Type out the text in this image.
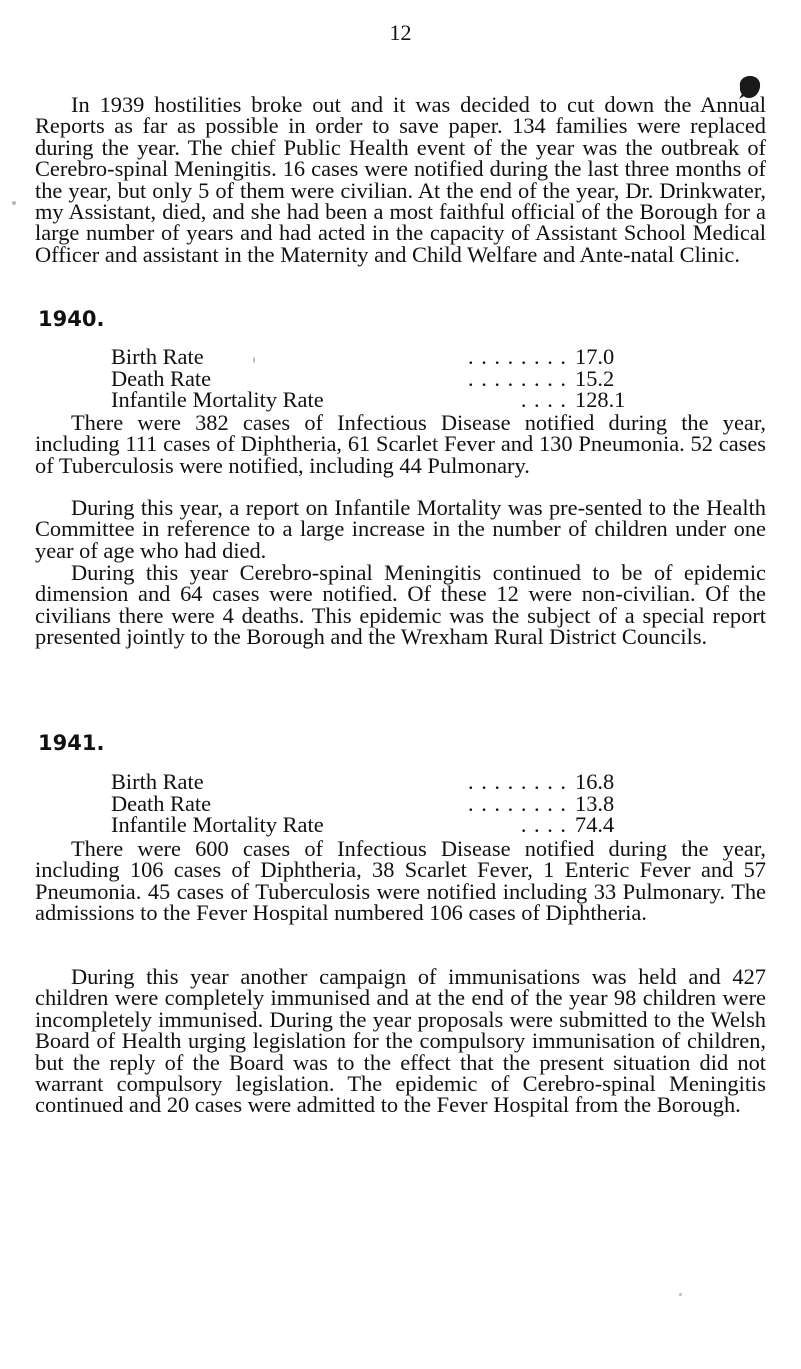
12

In 1939 hostilities broke out and it was decided to cut down the Annual Reports as far as possible in order to save paper. 134 families were replaced during the year. The chief Public Health event of the year was the outbreak of Cerebro-spinal Meningitis. 16 cases were notified during the last three months of the year, but only 5 of them were civilian. At the end of the year, Dr. Drinkwater, my Assistant, died, and she had been a most faithful official of the Borough for a large number of years and had acted in the capacity of Assistant School Medical Officer and assistant in the Maternity and Child Welfare and Ante-natal Clinic.

1940.
Birth Rate	. . . . . . . . 17.0
Death Rate	. . . . . . . . 15.2
Infantile Mortality Rate	. . . . 128.1

There were 382 cases of Infectious Disease notified during the year, including 111 cases of Diphtheria, 61 Scarlet Fever and 130 Pneumonia. 52 cases of Tuberculosis were notified, including 44 Pulmonary.

During this year, a report on Infantile Mortality was pre-sented to the Health Committee in reference to a large increase in the number of children under one year of age who had died.

During this year Cerebro-spinal Meningitis continued to be of epidemic dimension and 64 cases were notified. Of these 12 were non-civilian. Of the civilians there were 4 deaths. This epidemic was the subject of a special report presented jointly to the Borough and the Wrexham Rural District Councils.

1941.
Birth Rate	. . . . . . . . 16.8
Death Rate	. . . . . . . . 13.8
Infantile Mortality Rate	. . . . 74.4

There were 600 cases of Infectious Disease notified during the year, including 106 cases of Diphtheria, 38 Scarlet Fever, 1 Enteric Fever and 57 Pneumonia. 45 cases of Tuberculosis were notified including 33 Pulmonary. The admissions to the Fever Hospital numbered 106 cases of Diphtheria.

During this year another campaign of immunisations was held and 427 children were completely immunised and at the end of the year 98 children were incompletely immunised. During the year proposals were submitted to the Welsh Board of Health urging legislation for the compulsory immunisation of children, but the reply of the Board was to the effect that the present situation did not warrant compulsory legislation. The epidemic of Cerebro-spinal Meningitis continued and 20 cases were admitted to the Fever Hospital from the Borough.
